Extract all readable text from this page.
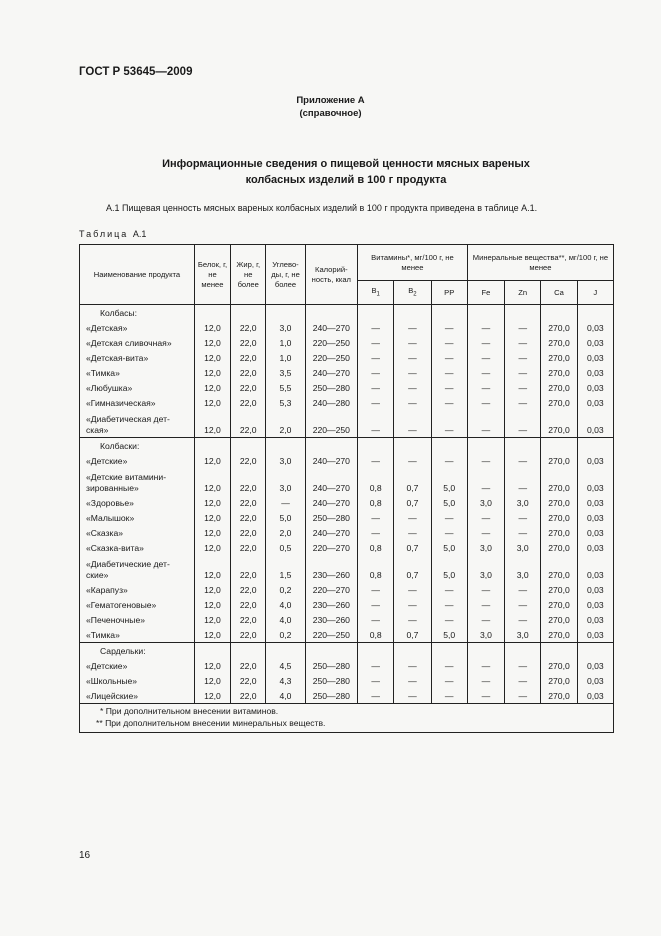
ГОСТ Р 53645—2009
Приложение А
(справочное)
Информационные сведения о пищевой ценности мясных вареных
колбасных изделий в 100 г продукта
А.1 Пищевая ценность мясных вареных колбасных изделий в 100 г продукта приведена в таблице А.1.
Таблица А.1
Наименование продукта	Белок, г, не менее	Жир, г, не более	Углево-ды, г, не более	Калорий-ность, ккал	Витамины*, мг/100 г, не менее			Минеральные вещества**, мг/100 г, не менее			
					$B_1$	$B_2$	PP	Fe	Zn	Ca	J
Колбасы:											

«Детская»	12,0	22,0	3,0	240—270	—	—	—	—	—	270,0	0,03

«Детская сливочная»	12,0	22,0	1,0	220—250	—	—	—	—	—	270,0	0,03

«Детская-вита»	12,0	22,0	1,0	220—250	—	—	—	—	—	270,0	0,03

«Тимка»	12,0	22,0	3,5	240—270	—	—	—	—	—	270,0	0,03

«Любушка»	12,0	22,0	5,5	250—280	—	—	—	—	—	270,0	0,03

«Гимназическая»	12,0	22,0	5,3	240—280	—	—	—	—	—	270,0	0,03

«Диабетическая дет-
ская»	12,0	22,0	2,0	220—250	—	—	—	—	—	270,0	0,03
Колбаски:											

«Детские»	12,0	22,0	3,0	240—270	—	—	—	—	—	270,0	0,03

«Детские витамини-
зированные»	12,0	22,0	3,0	240—270	0,8	0,7	5,0	—	—	270,0	0,03

«Здоровье»	12,0	22,0	—	240—270	0,8	0,7	5,0	3,0	3,0	270,0	0,03

«Малышок»	12,0	22,0	5,0	250—280	—	—	—	—	—	270,0	0,03

«Сказка»	12,0	22,0	2,0	240—270	—	—	—	—	—	270,0	0,03

«Сказка-вита»	12,0	22,0	0,5	220—270	0,8	0,7	5,0	3,0	3,0	270,0	0,03

«Диабетические дет-
ские»	12,0	22,0	1,5	230—260	0,8	0,7	5,0	3,0	3,0	270,0	0,03

«Карапуз»	12,0	22,0	0,2	220—270	—	—	—	—	—	270,0	0,03

«Гематогеновые»	12,0	22,0	4,0	230—260	—	—	—	—	—	270,0	0,03

«Печеночные»	12,0	22,0	4,0	230—260	—	—	—	—	—	270,0	0,03

«Тимка»	12,0	22,0	0,2	220—250	0,8	0,7	5,0	3,0	3,0	270,0	0,03
Сардельки:											

«Детские»	12,0	22,0	4,5	250—280	—	—	—	—	—	270,0	0,03

«Школьные»	12,0	22,0	4,3	250—280	—	—	—	—	—	270,0	0,03

«Лицейские»	12,0	22,0	4,0	250—280	—	—	—	—	—	270,0	0,03

* При дополнительном внесении витаминов.
** При дополнительном внесении минеральных веществ.											
16
